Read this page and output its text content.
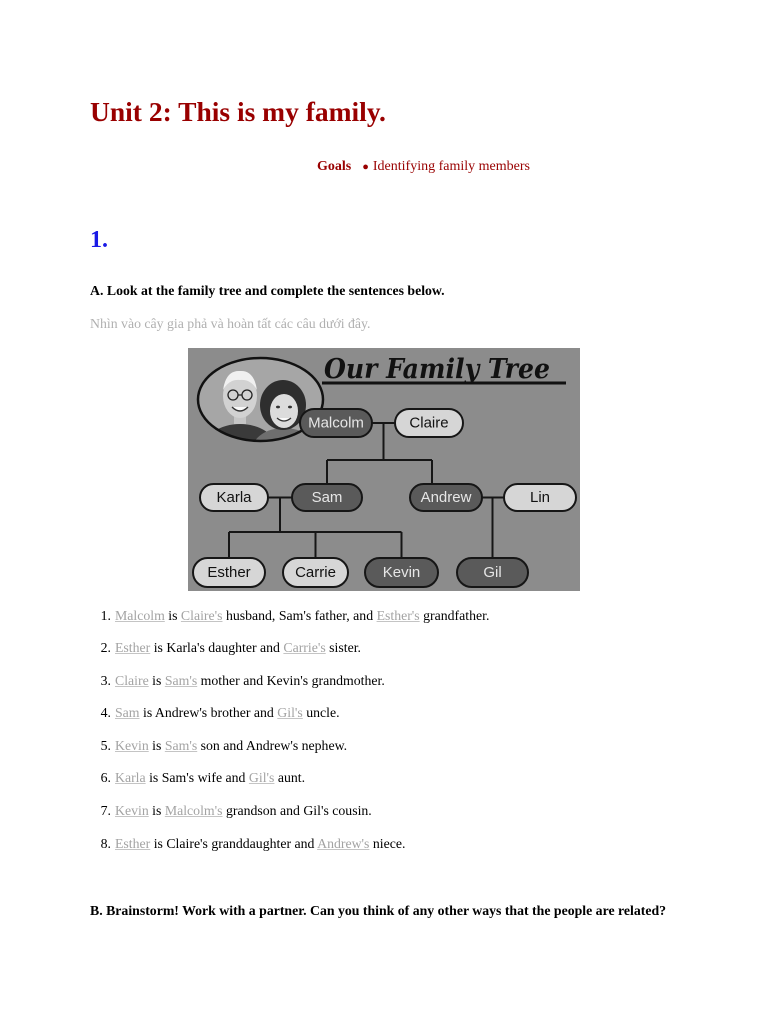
Unit 2: This is my family.
Goals ● Identifying family members
1.
A. Look at the family tree and complete the sentences below.
Nhìn vào cây gia phả và hoàn tất các câu dưới đây.
Our Family Tree
Malcolm	Claire
Karla	Sam	Andrew	Lin
Esther	Carrie	Kevin	Gil
1. Malcolm is Claire's husband, Sam's father, and Esther's grandfather.
2. Esther is Karla's daughter and Carrie's sister.
3. Claire is Sam's mother and Kevin's grandmother.
4. Sam is Andrew's brother and Gil's uncle.
5. Kevin is Sam's son and Andrew's nephew.
6. Karla is Sam's wife and Gil's aunt.
7. Kevin is Malcolm's grandson and Gil's cousin.
8. Esther is Claire's granddaughter and Andrew's niece.
B. Brainstorm! Work with a partner. Can you think of any other ways that the people are related?
